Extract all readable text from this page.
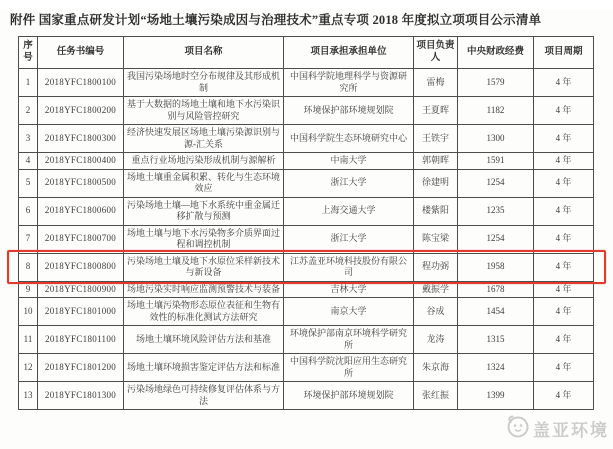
附件 国家重点研发计划“场地土壤污染成因与治理技术”重点专项 2018 年度拟立项项目公示清单
序号	任务书编号	项目名称	项目承担承担单位	项目负责人	中央财政经费	项目周期
1	2018YFC1800100	我国污染场地时空分布规律及其形成机制	中国科学院地理科学与资源研究所	雷梅	1579	4 年
2	2018YFC1800200	基于大数据的场地土壤和地下水污染识别与风险管控研究	环境保护部环境规划院	王夏晖	1182	4 年
3	2018YFC1800300	经济快速发展区场地土壤污染源识别与源-汇关系	中国科学院生态环境研究中心	王铁宇	1300	4 年
4	2018YFC1800400	重点行业场地污染形成机制与源解析	中南大学	郭朝晖	1591	4 年
5	2018YFC1800500	场地土壤重金属积累、转化与生态环境效应	浙江大学	徐建明	1254	4 年
6	2018YFC1800600	污染场地土壤—地下水系统中重金属迁移扩散与预测	上海交通大学	楼紫阳	1235	4 年
7	2018YFC1800700	场地土壤与地下水污染物多介质界面过程和调控机制	浙江大学	陈宝梁	1254	4 年
8	2018YFC1800800	污染场地土壤及地下水原位采样新技术与新设备	江苏盖亚环境科技股份有限公司	程功弼	1958	4 年
9	2018YFC1800900	场地污染实时响应监测预警技术与装备	吉林大学	戴振学	1678	4 年
10	2018YFC1801000	场地土壤污染物形态原位表征和生物有效性的标准化测试方法研究	南京大学	谷成	1454	4 年
11	2018YFC1801100	场地土壤环境风险评估方法和基准	环境保护部南京环境科学研究所	龙涛	1315	4 年
12	2018YFC1801200	场地土壤环境损害鉴定评估方法和标准	中国科学院沈阳应用生态研究所	朱京海	1324	4 年
13	2018YFC1801300	污染场地绿色可持续修复评估体系与方法	环境保护部环境规划院	张红振	1399	4 年
盖亚环境
